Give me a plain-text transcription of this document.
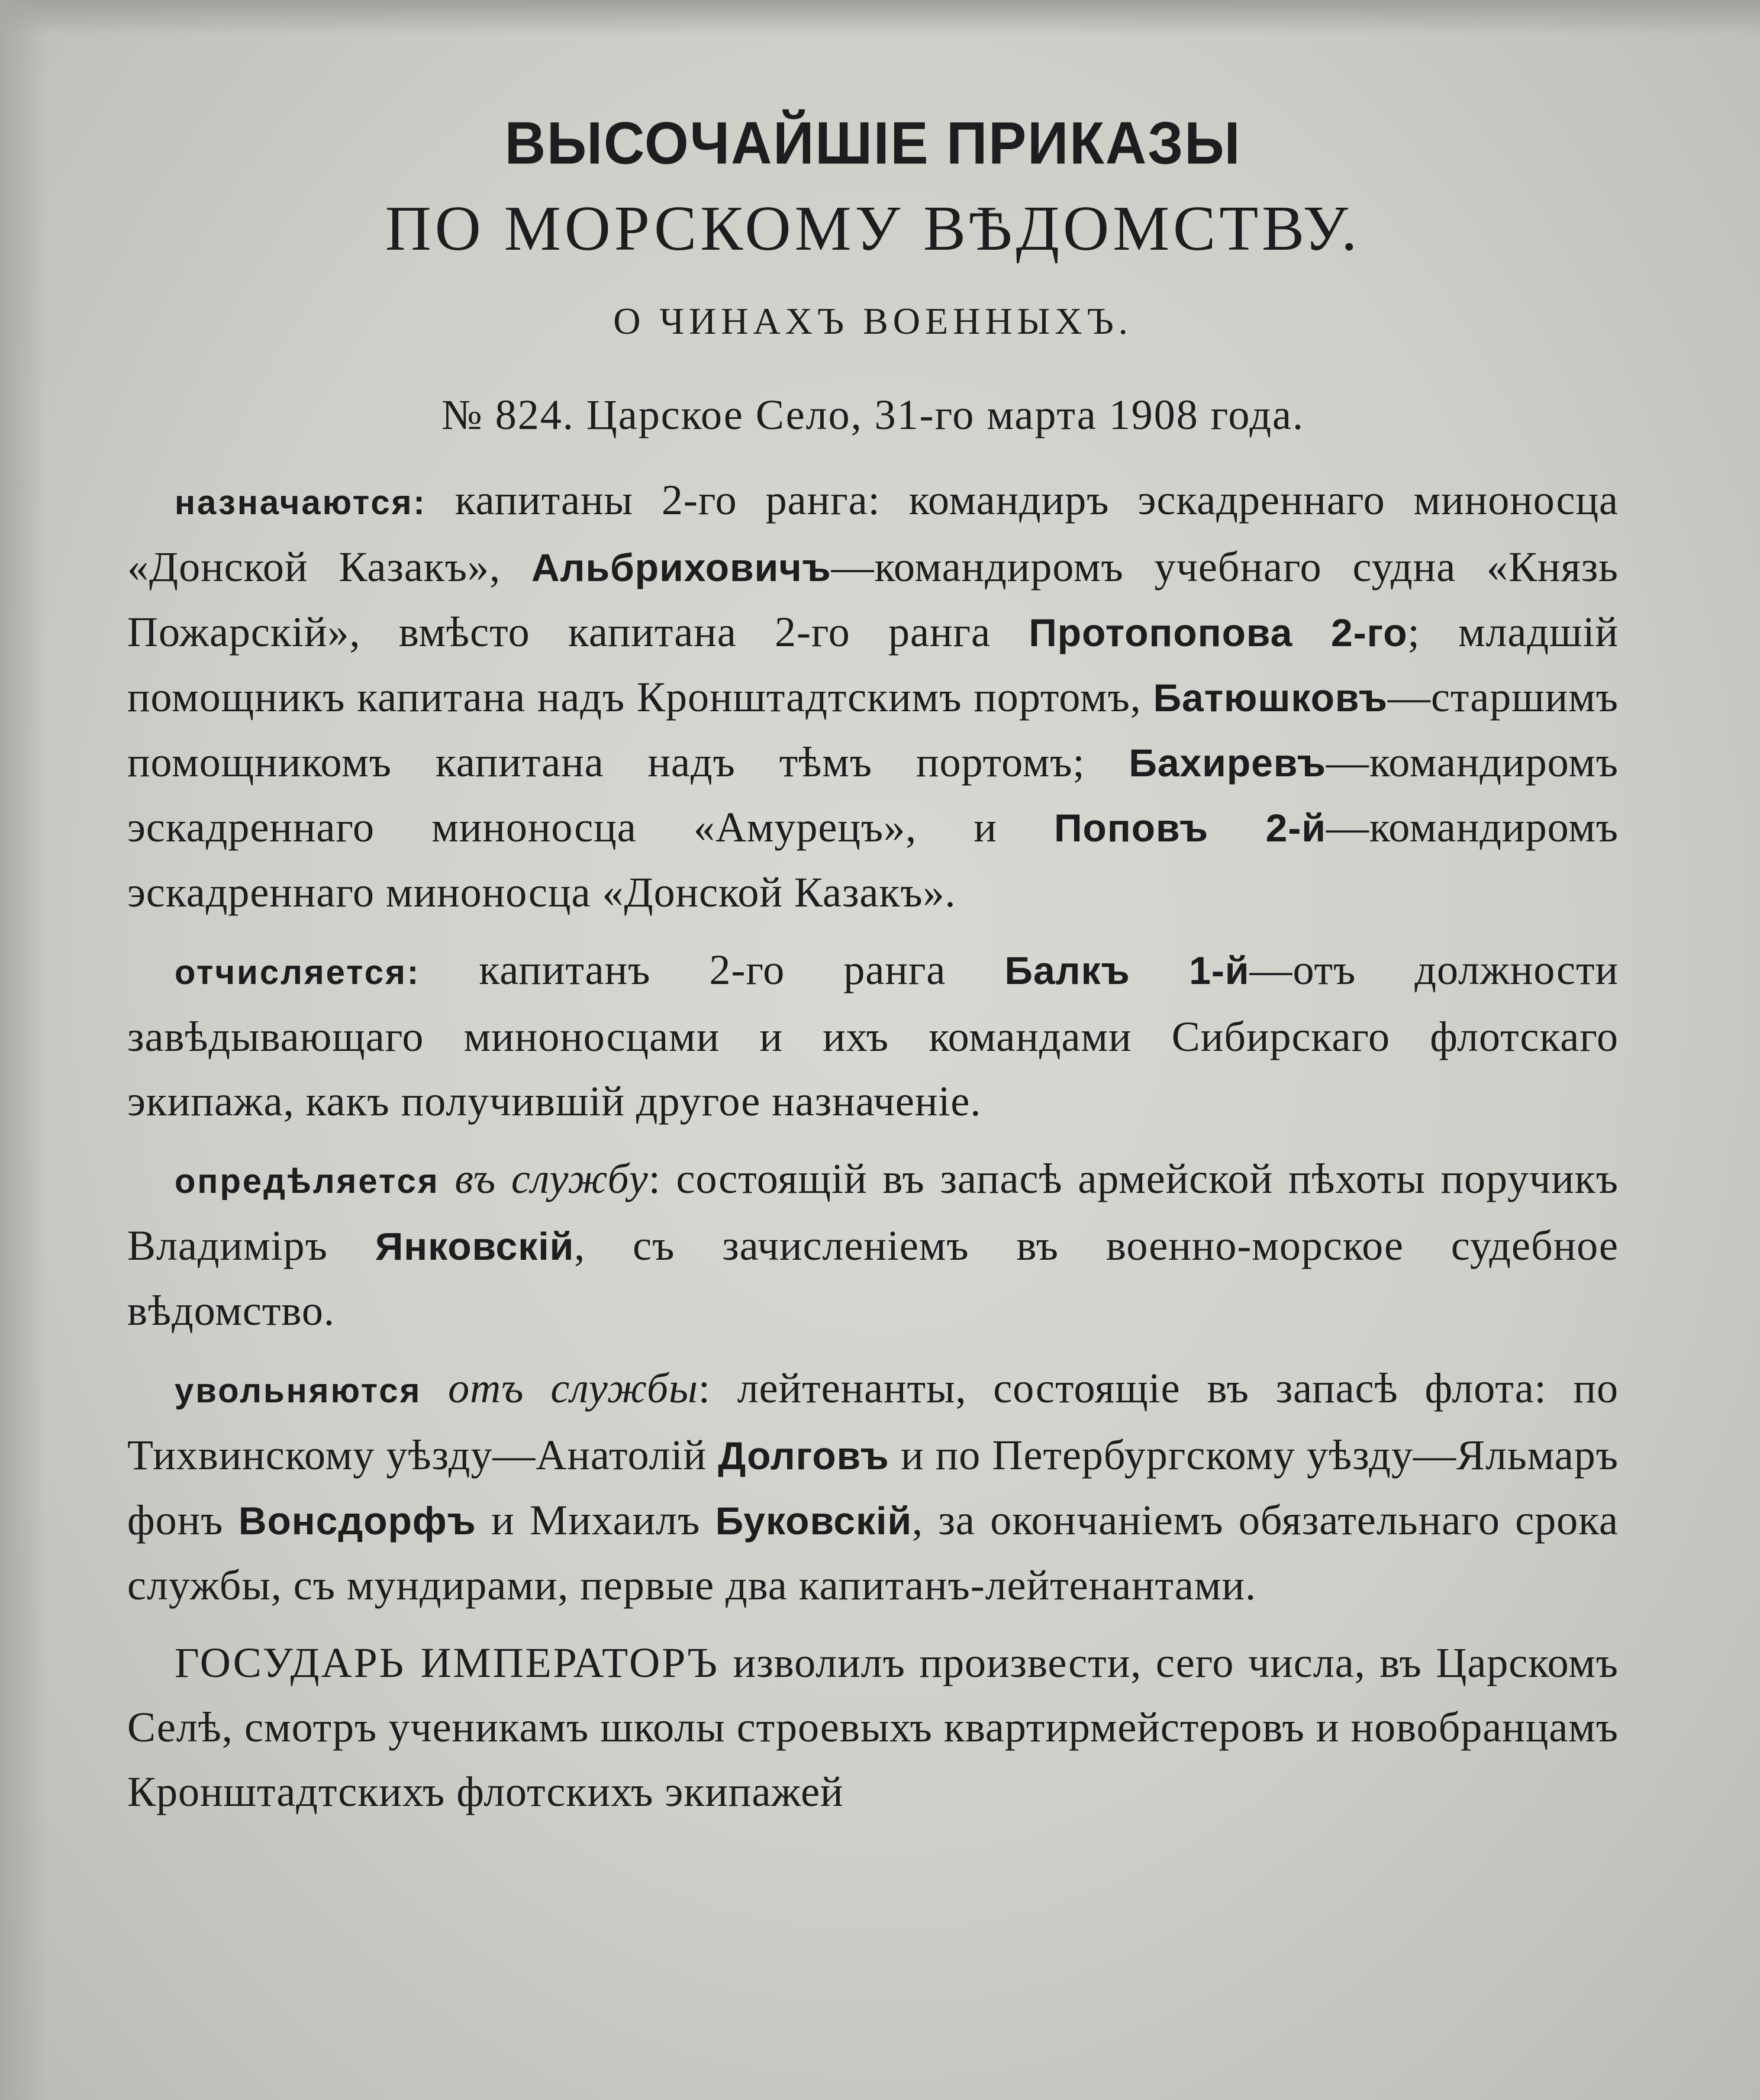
ВЫСОЧАЙШІЕ ПРИКАЗЫ
ПО МОРСКОМУ ВѢДОМСТВУ.
О ЧИНАХЪ ВОЕННЫХЪ.
№ 824. Царское Село, 31-го марта 1908 года.

назначаются: капитаны 2-го ранга: командиръ эскадреннаго миноносца «Донской Казакъ», Альбриховичъ—командиромъ учебнаго судна «Князь Пожарскій», вмѣсто капитана 2-го ранга Протопопова 2-го; младшій помощникъ капитана надъ Кронштадтскимъ портомъ, Батюшковъ—старшимъ помощникомъ капитана надъ тѣмъ портомъ; Бахиревъ—командиромъ эскадреннаго миноносца «Амурецъ», и Поповъ 2-й—командиромъ эскадреннаго миноносца «Донской Казакъ».

отчисляется: капитанъ 2-го ранга Балкъ 1-й—отъ должности завѣдывающаго миноносцами и ихъ командами Сибирскаго флотскаго экипажа, какъ получившій другое назначеніе.

опредѣляется въ службу: состоящій въ запасѣ армейской пѣхоты поручикъ Владиміръ Янковскій, съ зачисленіемъ въ военно-морское судебное вѣдомство.

увольняются отъ службы: лейтенанты, состоящіе въ запасѣ флота: по Тихвинскому уѣзду—Анатолій Долговъ и по Петербургскому уѣзду—Яльмаръ фонъ Вонсдорфъ и Михаилъ Буковскій, за окончаніемъ обязательнаго срока службы, съ мундирами, первые два капитанъ-лейтенантами.

ГОСУДАРЬ ИМПЕРАТОРЪ изволилъ произвести, сего числа, въ Царскомъ Селѣ, смотръ ученикамъ школы строевыхъ квартирмейстеровъ и новобранцамъ Кронштадтскихъ флотскихъ экипажей
